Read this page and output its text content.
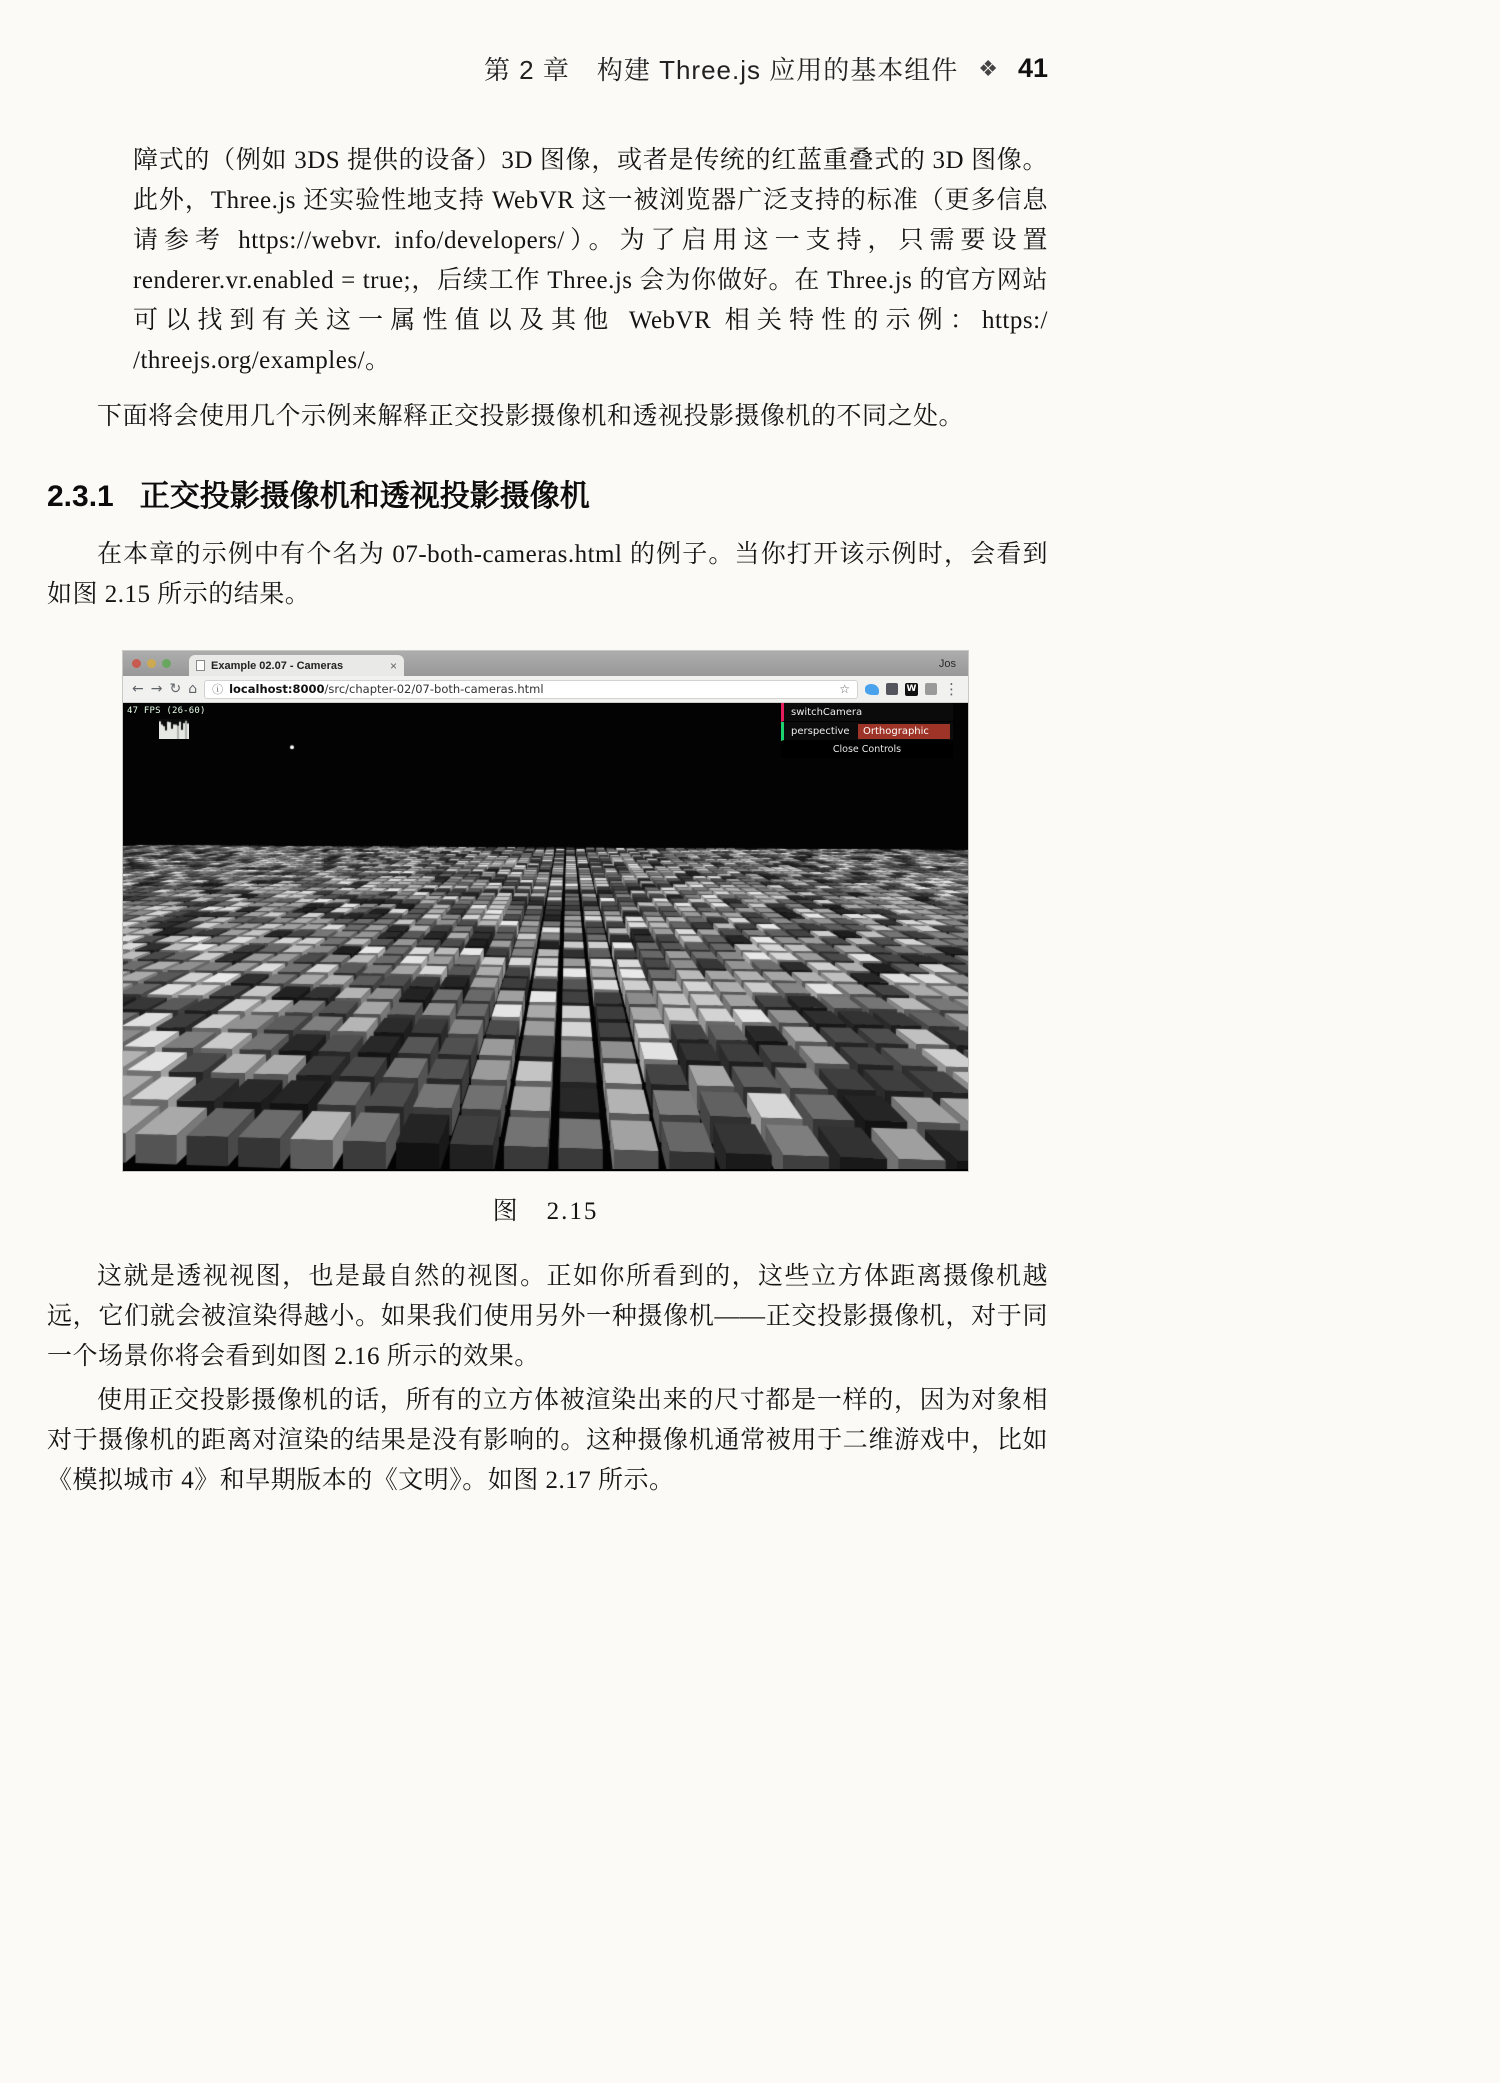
第 2 章　构建 Three.js 应用的基本组件 ❖ 41

障式的（例如 3DS 提供的设备）3D 图像，或者是传统的红蓝重叠式的 3D 图像。此外，Three.js 还实验性地支持 WebVR 这一被浏览器广泛支持的标准（更多信息请参考 https://webvr. info/developers/）。为了启用这一支持，只需要设置 renderer.vr.enabled = true;，后续工作 Three.js 会为你做好。在 Three.js 的官方网站可以找到有关这一属性值以及其他 WebVR 相关特性的示例：https:/ /threejs.org/examples/。

下面将会使用几个示例来解释正交投影摄像机和透视投影摄像机的不同之处。

2.3.1 正交投影摄像机和透视投影摄像机

在本章的示例中有个名为 07-both-cameras.html 的例子。当你打开该示例时，会看到如图 2.15 所示的结果。

Example 02.07 - Cameras	×	Jos
← → ↻ ⌂ ⓘ localhost:8000/src/chapter-02/07-both-cameras.html	☆	W ⋮
47 FPS (26-60)	switchCamera
perspective	Orthographic
Close Controls
图　2.15

这就是透视视图，也是最自然的视图。正如你所看到的，这些立方体距离摄像机越远，它们就会被渲染得越小。如果我们使用另外一种摄像机——正交投影摄像机，对于同一个场景你将会看到如图 2.16 所示的效果。

使用正交投影摄像机的话，所有的立方体被渲染出来的尺寸都是一样的，因为对象相对于摄像机的距离对渲染的结果是没有影响的。这种摄像机通常被用于二维游戏中，比如《模拟城市 4》和早期版本的《文明》。如图 2.17 所示。
